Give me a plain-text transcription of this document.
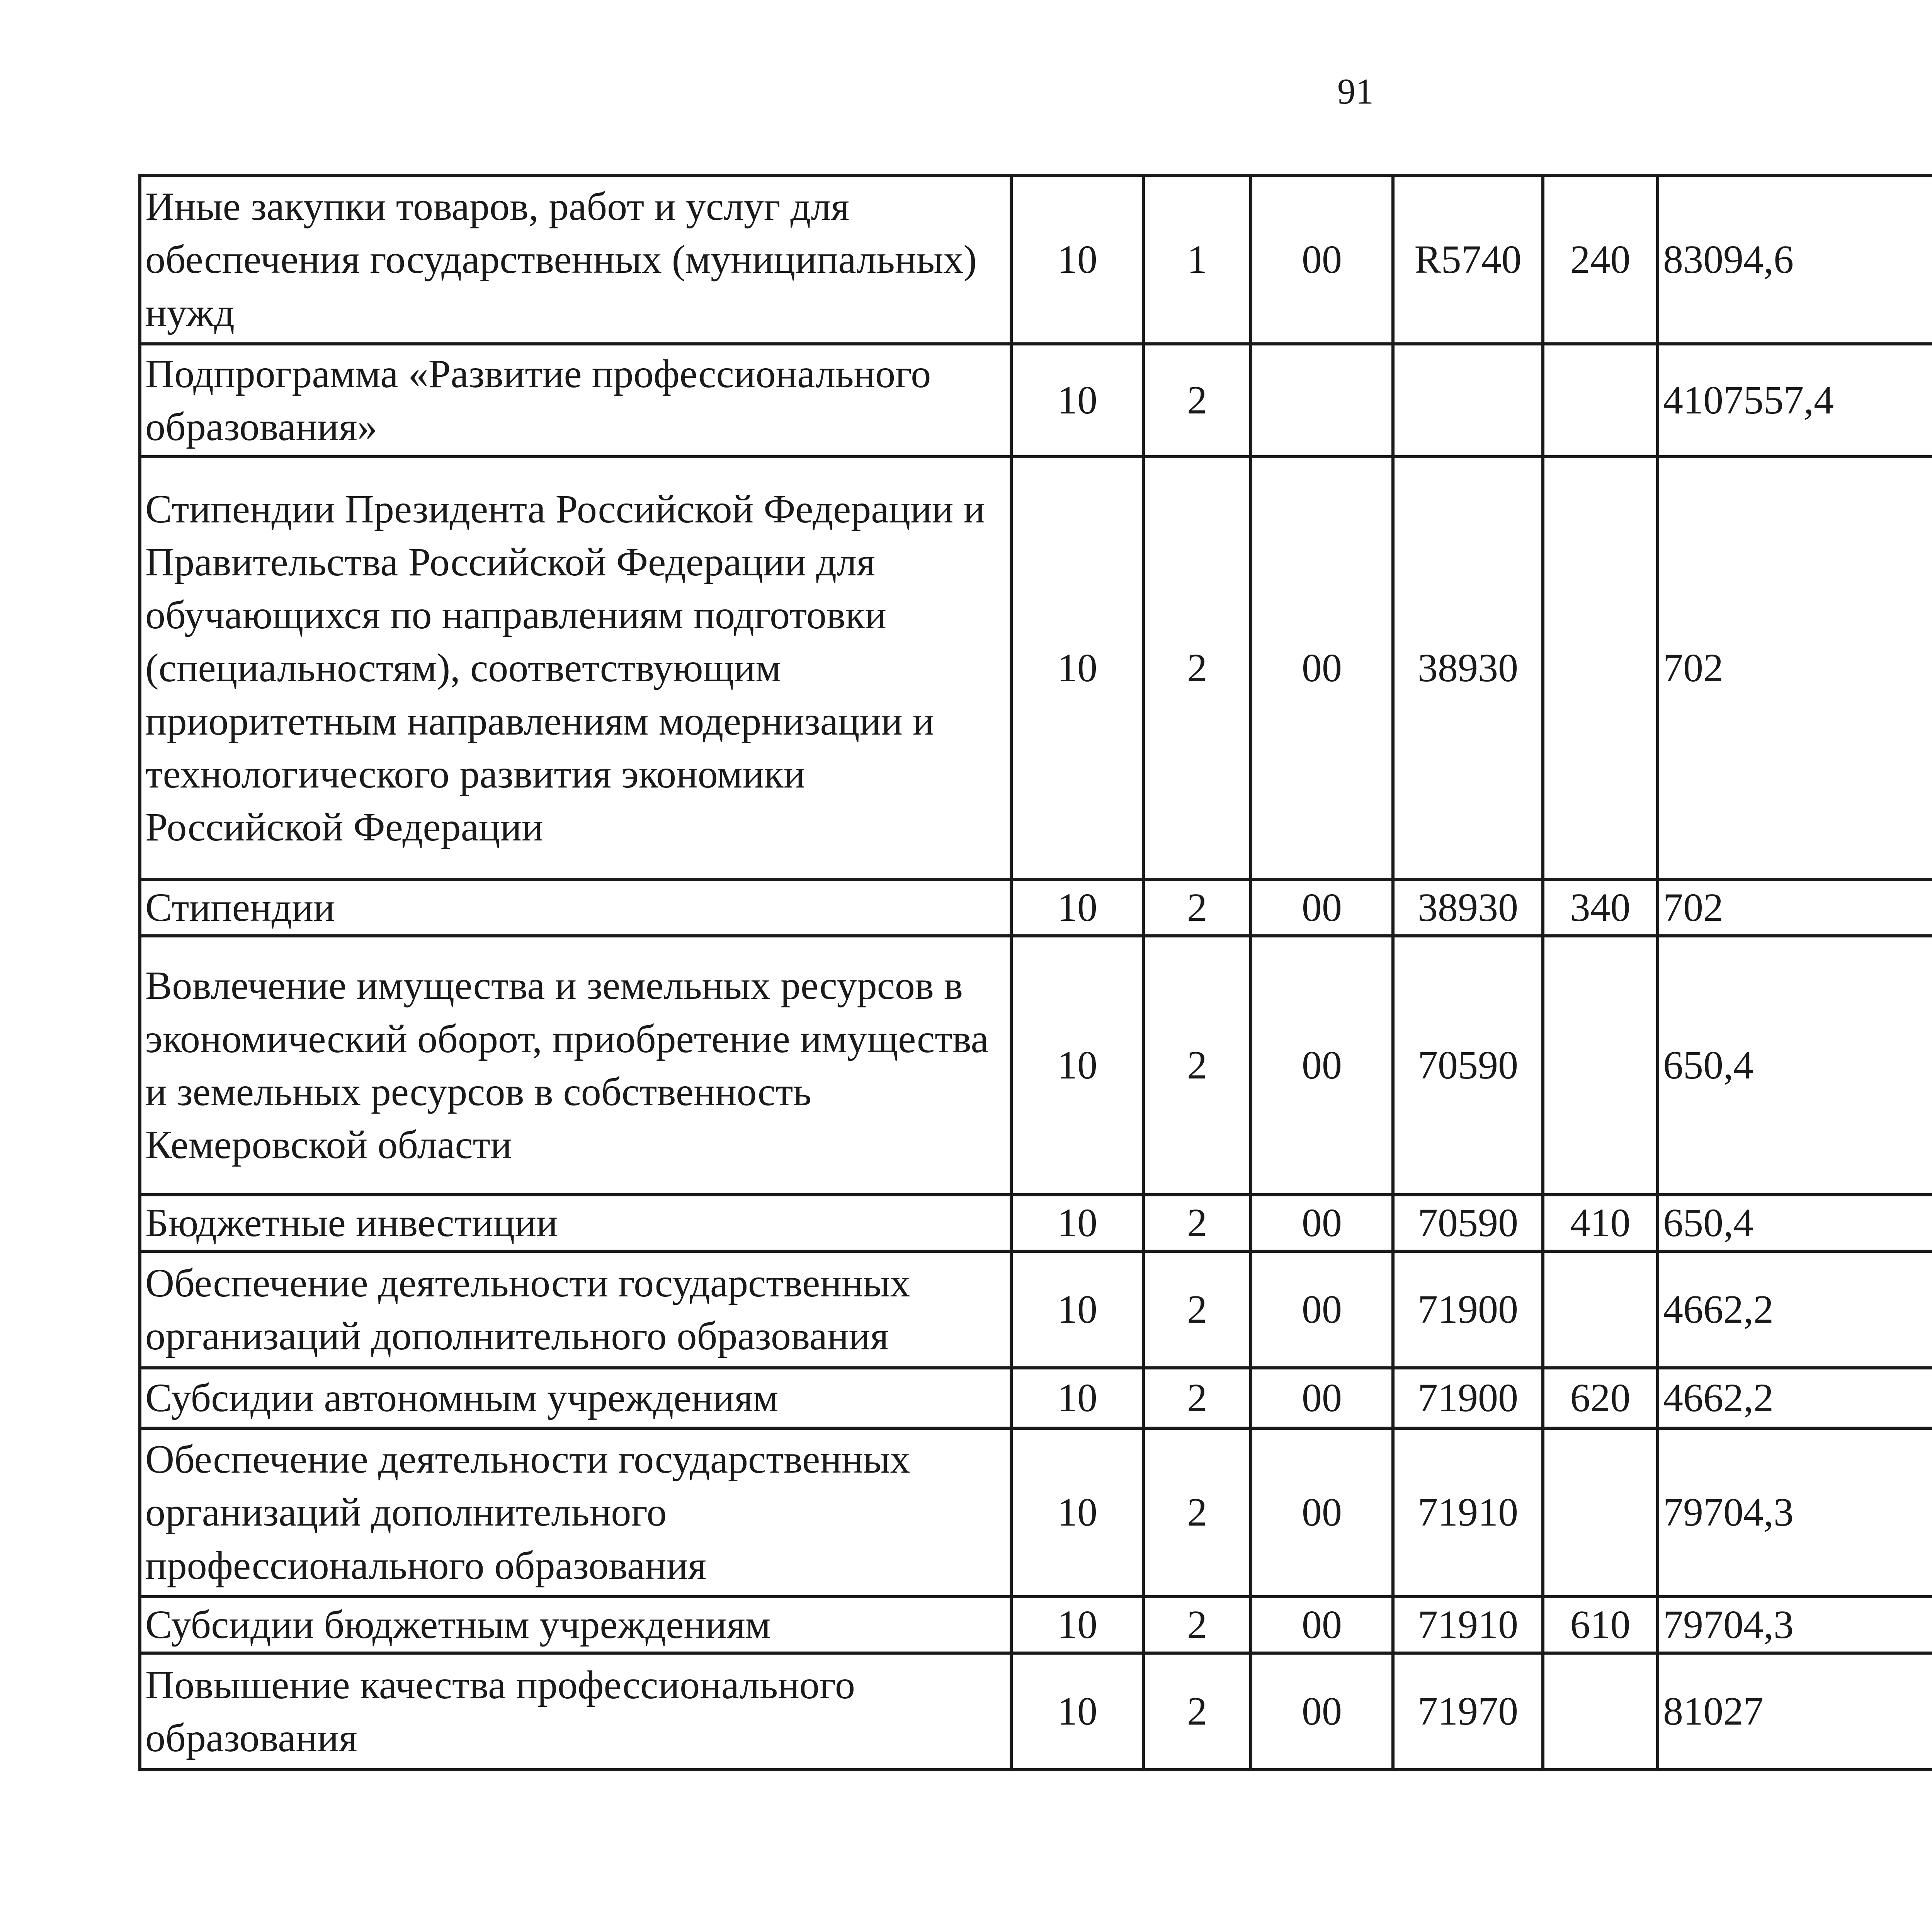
91
Иные закупки товаров, работ и услуг для обеспечения государственных (муниципальных) нужд	10	1	00	R5740	240	83094,6		
Подпрограмма «Развитие профессионального образования»	10	2				4107557,4		
Стипендии Президента Российской Федерации и Правительства Российской Федерации для обучающихся по направлениям подготовки (специальностям), соответствующим приоритетным направлениям модернизации и технологического развития экономики Российской Федерации	10	2	00	38930		702		
Стипендии	10	2	00	38930	340	702		
Вовлечение имущества и земельных ресурсов в экономический оборот, приобретение имущества и земельных ресурсов в собственность Кемеровской области	10	2	00	70590		650,4		
Бюджетные инвестиции	10	2	00	70590	410	650,4		
Обеспечение деятельности государственных организаций дополнительного образования	10	2	00	71900		4662,2		
Субсидии автономным учреждениям	10	2	00	71900	620	4662,2		
Обеспечение деятельности государственных организаций дополнительного профессионального образования	10	2	00	71910		79704,3		
Субсидии бюджетным учреждениям	10	2	00	71910	610	79704,3		
Повышение качества профессионального образования	10	2	00	71970		81027		
